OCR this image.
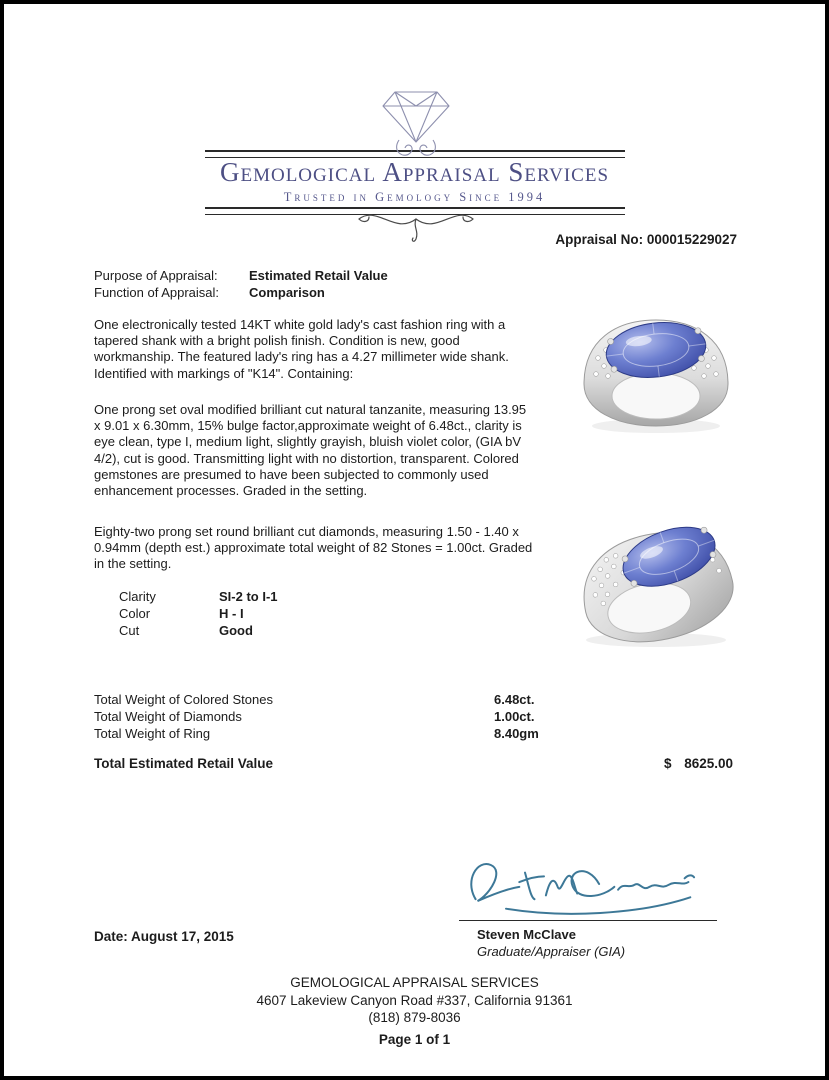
Gemological Appraisal Services
Trusted in Gemology Since 1994
Appraisal No: 000015229027
Purpose of Appraisal: Estimated Retail Value
Function of Appraisal: Comparison
One electronically tested 14KT white gold lady's cast fashion ring with a tapered shank with a bright polish finish. Condition is new, good workmanship. The featured lady's ring has a 4.27 millimeter wide shank. Identified with markings of "K14". Containing:
One prong set oval modified brilliant cut natural tanzanite, measuring 13.95 x 9.01 x 6.30mm, 15% bulge factor,approximate weight of 6.48ct., clarity is eye clean, type I, medium light, slightly grayish, bluish violet color, (GIA bV 4/2), cut is good. Transmitting light with no distortion, transparent. Colored gemstones are presumed to have been subjected to commonly used enhancement processes. Graded in the setting.
Eighty-two prong set round brilliant cut diamonds, measuring 1.50 - 1.40 x 0.94mm (depth est.) approximate total weight of 82 Stones = 1.00ct. Graded in the setting.
Clarity	SI-2 to I-1
Color	H - I
Cut	Good
Total Weight of Colored Stones	6.48ct.
Total Weight of Diamonds	1.00ct.
Total Weight of Ring	8.40gm
Total Estimated Retail Value	$ 8625.00
Steven McClave
Graduate/Appraiser (GIA)
Date: August 17, 2015
GEMOLOGICAL APPRAISAL SERVICES
4607 Lakeview Canyon Road #337, California 91361
(818) 879-8036
Page 1 of 1
